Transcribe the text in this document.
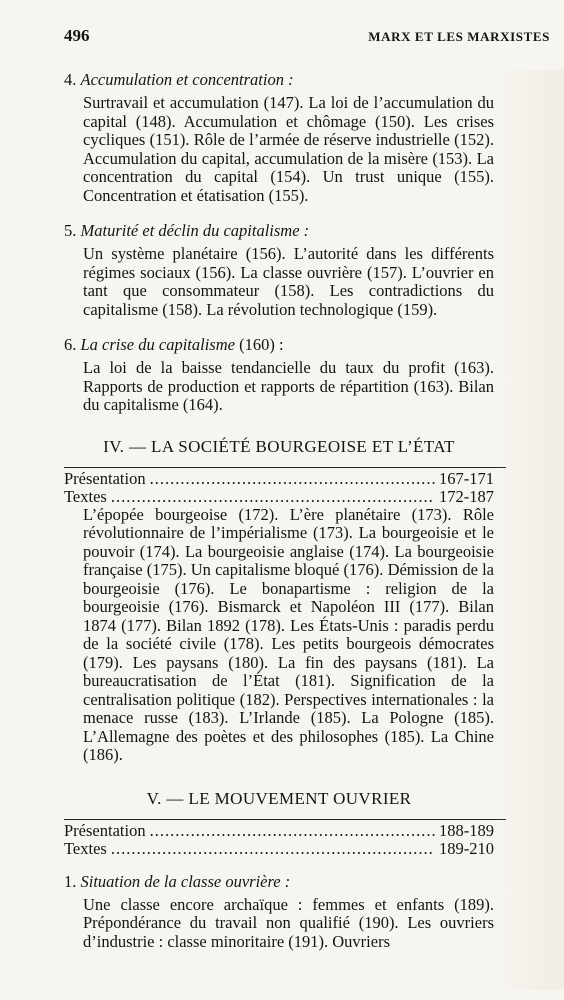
496	MARX ET LES MARXISTES
4. Accumulation et concentration :
Surtravail et accumulation (147). La loi de l’accumulation du capital (148). Accumulation et chômage (150). Les crises cycliques (151). Rôle de l’armée de réserve industrielle (152). Accumulation du capital, accumulation de la misère (153). La concentration du capital (154). Un trust unique (155). Concentration et étatisation (155).
5. Maturité et déclin du capitalisme :
Un système planétaire (156). L’autorité dans les différents régimes sociaux (156). La classe ouvrière (157). L’ouvrier en tant que consommateur (158). Les contradictions du capitalisme (158). La révolution technologique (159).
6. La crise du capitalisme (160) :
La loi de la baisse tendancielle du taux du profit (163). Rapports de production et rapports de répartition (163). Bilan du capitalisme (164).
IV. — LA SOCIÉTÉ BOURGEOISE ET L’ÉTAT
Présentation .....	167-171
Textes .....	172-187
L’épopée bourgeoise (172). L’ère planétaire (173). Rôle révolutionnaire de l’impérialisme (173). La bourgeoisie et le pouvoir (174). La bourgeoisie anglaise (174). La bourgeoisie française (175). Un capitalisme bloqué (176). Démission de la bourgeoisie (176). Le bonapartisme : religion de la bourgeoisie (176). Bismarck et Napoléon III (177). Bilan 1874 (177). Bilan 1892 (178). Les États-Unis : paradis perdu de la société civile (178). Les petits bourgeois démocrates (179). Les paysans (180). La fin des paysans (181). La bureaucratisation de l’État (181). Signification de la centralisation politique (182). Perspectives internationales : la menace russe (183). L’Irlande (185). La Pologne (185). L’Allemagne des poètes et des philosophes (185). La Chine (186).
V. — LE MOUVEMENT OUVRIER
Présentation .....	188-189
Textes .....	189-210
1. Situation de la classe ouvrière :
Une classe encore archaïque : femmes et enfants (189). Prépondérance du travail non qualifié (190). Les ouvriers d’industrie : classe minoritaire (191). Ouvriers
